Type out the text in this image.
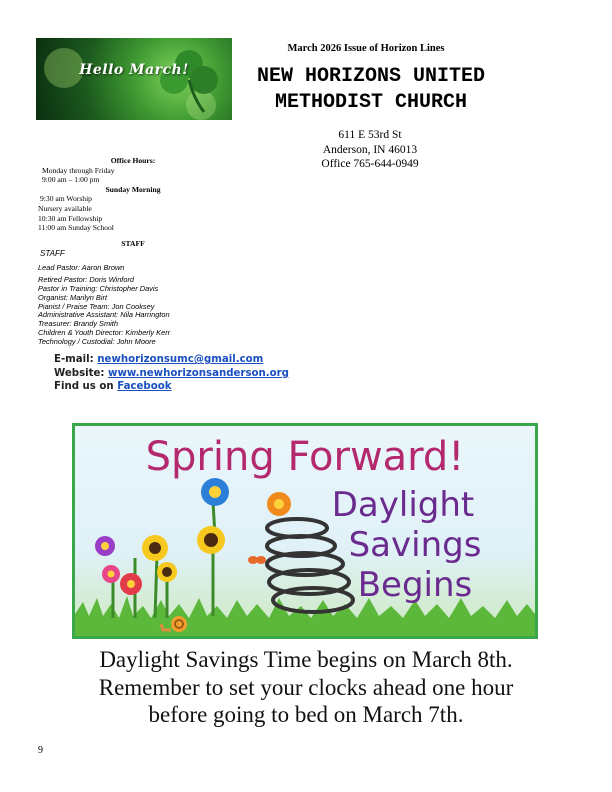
Hello March!
March 2026 Issue of Horizon Lines
NEW HORIZONS UNITED
METHODIST CHURCH
611 E 53rd St
Anderson, IN 46013
Office 765-644-0949
Office Hours:
Monday through Friday
9:00 am – 1:00 pm
Sunday Morning
9:30 am Worship
Nursery available
10:30 am Fellowship
11:00 am Sunday School
STAFF
STAFF
Lead Pastor: Aaron Brown
Retired Pastor: Doris Winford
Pastor in Training: Christopher Davis
Organist: Marilyn Birt
Pianist / Praise Team: Jon Cooksey
Administrative Assistant: Nila Harrington
Treasurer: Brandy Smith
Children & Youth Director: Kimberly Kerr
Technology / Custodial: John Moore
E-mail: newhorizonsumc@gmail.com
Website: www.newhorizonsanderson.org
Find us on Facebook
Spring Forward!
Daylight
Savings
Begins
Daylight Savings Time begins on March 8th.
Remember to set your clocks ahead one hour
before going to bed on March 7th.
9
